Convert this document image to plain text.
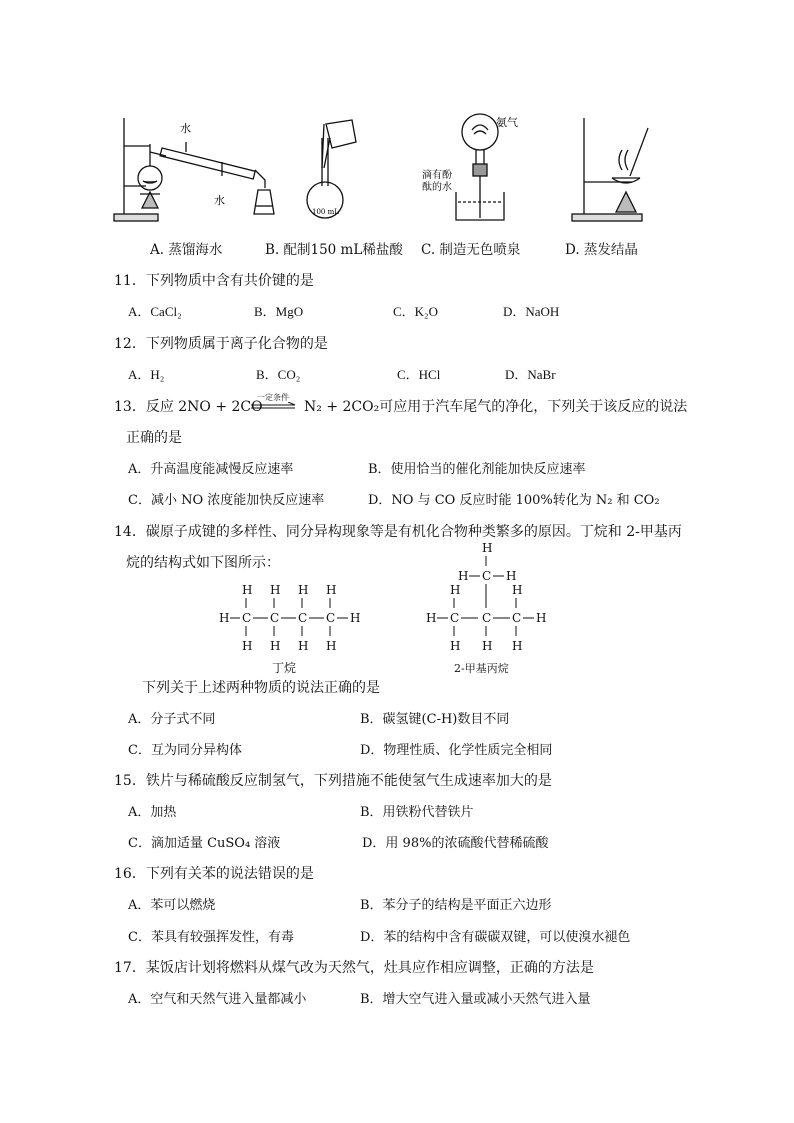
水
水
100 mL
氨气
滴有酚
酞的水
A. 蒸馏海水	B. 配制150 mL稀盐酸 C. 制造无色喷泉	D. 蒸发结晶
11．下列物质中含有共价键的是
A．CaCl₂	B．MgO	C．K₂O	D．NaOH
12．下列物质属于离子化合物的是
A．H₂	B．CO₂	C．HCl	D．NaBr
13．反应 2NO + 2CO
一定条件
N₂ + 2CO₂可应用于汽车尾气的净化，下列关于该反应的说法
正确的是
A．升高温度能减慢反应速率	B．使用恰当的催化剂能加快反应速率
C．减小 NO 浓度能加快反应速率	D．NO 与 CO 反应时能 100%转化为 N₂ 和 CO₂
14．碳原子成键的多样性、同分异构现象等是有机化合物种类繁多的原因。丁烷和 2-甲基丙
烷的结构式如下图所示：
H C C C C H
H H H H
H H H H
丁烷
H
H C H
H C C C H
H	H
H H H
2-甲基丙烷
下列关于上述两种物质的说法正确的是
A．分子式不同	B．碳氢键(C-H)数目不同
C．互为同分异构体	D．物理性质、化学性质完全相同
15．铁片与稀硫酸反应制氢气，下列措施不能使氢气生成速率加大的是
A．加热	B．用铁粉代替铁片
C．滴加适量 CuSO₄ 溶液	D．用 98%的浓硫酸代替稀硫酸
16．下列有关苯的说法错误的是
A．苯可以燃烧	B．苯分子的结构是平面正六边形
C．苯具有较强挥发性，有毒	D．苯的结构中含有碳碳双键，可以使溴水褪色
17．某饭店计划将燃料从煤气改为天然气，灶具应作相应调整，正确的方法是
A．空气和天然气进入量都减小	B．增大空气进入量或减小天然气进入量
